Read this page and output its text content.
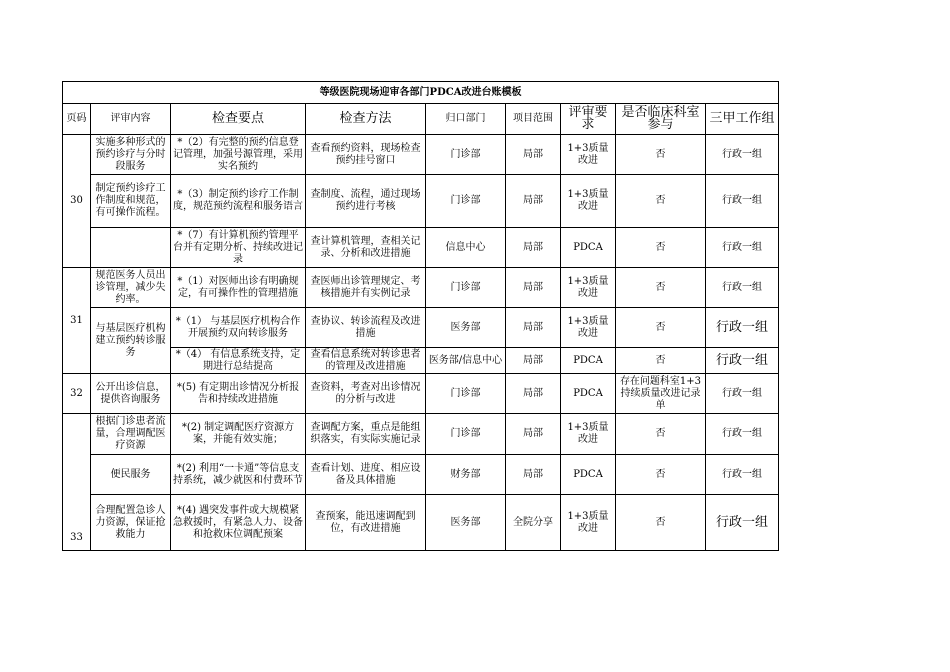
等级医院现场迎审各部门PDCA改进台账模板								
页码	评审内容	检查要点	检查方法	归口部门	项目范围	评审要求	是否临床科室参与	三甲工作组
30	实施多种形式的预约诊疗与分时段服务	*（2）有完整的预约信息登记管理，加强号源管理，采用实名预约	查看预约资料，现场检查预约挂号窗口	门诊部	局部	1+3质量改进	否	行政一组
	制定预约诊疗工作制度和规范，有可操作流程。	*（3）制定预约诊疗工作制度，规范预约流程和服务语言	查制度、流程，通过现场预约进行考核	门诊部	局部	1+3质量改进	否	行政一组
		*（7）有计算机预约管理平台并有定期分析、持续改进记录	查计算机管理，查相关记录、分析和改进措施	信息中心	局部	PDCA	否	行政一组
31	规范医务人员出诊管理，减少失约率。	*（1）对医师出诊有明确规定，有可操作性的管理措施	查医师出诊管理规定、考核措施并有实例记录	门诊部	局部	1+3质量改进	否	行政一组
	与基层医疗机构建立预约转诊服务	*（1） 与基层医疗机构合作开展预约双向转诊服务	查协议、转诊流程及改进措施	医务部	局部	1+3质量改进	否	行政一组
		*（4） 有信息系统支持，定期进行总结提高	查看信息系统对转诊患者的管理及改进措施	医务部/信息中心	局部	PDCA	否	行政一组
32	公开出诊信息，提供咨询服务	*(5) 有定期出诊情况分析报告和持续改进措施	查资料，考查对出诊情况的分析与改进	门诊部	局部	PDCA	存在问题科室1+3持续质量改进记录单	行政一组
33	根据门诊患者流量，合理调配医疗资源	*(2) 制定调配医疗资源方案，并能有效实施；	查调配方案，重点是能组织落实，有实际实施记录	门诊部	局部	1+3质量改进	否	行政一组
	便民服务	*(2) 利用“一卡通”等信息支持系统，减少就医和付费环节	查看计划、进度、相应设备及具体措施	财务部	局部	PDCA	否	行政一组
	合理配置急诊人力资源，保证抢救能力	*(4) 遇突发事件或大规模紧急救援时，有紧急人力、设备和抢救床位调配预案	查预案，能迅速调配到位，有改进措施	医务部	全院分享	1+3质量改进	否	行政一组
